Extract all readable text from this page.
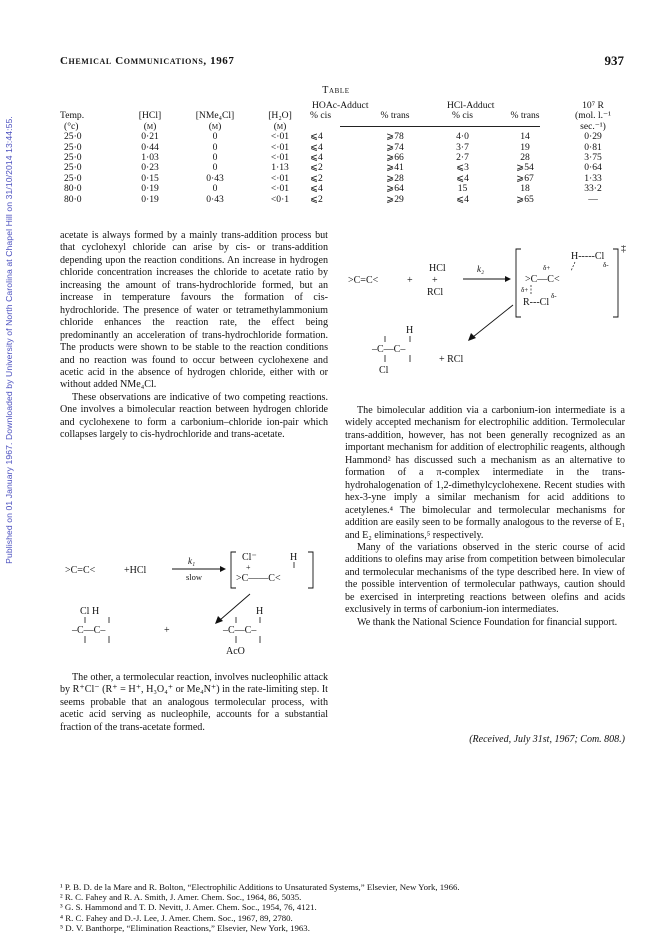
Published on 01 January 1967. Downloaded by University of North Carolina at Chapel Hill on 31/10/2014 13:44:55.
Chemical Communications, 1967	937
Table
				HOAc-Adduct		HCl-Adduct		10⁷ R
Temp.	[HCl]	[NMe₄Cl]	[H₂O]	% cis	% trans	% cis	% trans	(mol. l.⁻¹
(°c)	(m)	(m)	(m)					sec.⁻¹)
25·0	0·21	0	<·01	⩽4	⩾78	4·0	14	0·29
25·0	0·44	0	<·01	⩽4	⩾74	3·7	19	0·81
25·0	1·03	0	<·01	⩽4	⩾66	2·7	28	3·75
25·0	0·23	0	1·13	⩽2	⩾41	⩽3	⩾54	0·64
25·0	0·15	0·43	<·01	⩽2	⩾28	⩽4	⩾67	1·33
80·0	0·19	0	<·01	⩽4	⩾64	15	18	33·2
80·0	0·19	0·43	<0·1	⩽2	⩾29	⩽4	⩾65	—

acetate is always formed by a mainly trans-addition process but that cyclohexyl chloride can arise by cis- or trans-addition depending upon the reaction conditions. An increase in hydrogen chloride concentration increases the chloride to acetate ratio by increasing the amount of trans-hydrochloride formed, but an increase in temperature favours the formation of cis-hydrochloride. The presence of water or tetramethylammonium chloride enhances the reaction rate, the effect being predominantly an acceleration of trans-hydrochloride formation. The products were shown to be stable to the reaction conditions and no reaction was found to occur between cyclohexene and acetic acid in the absence of hydrogen chloride, either with or without added NMe₄Cl.

These observations are indicative of two competing reactions. One involves a bimolecular reaction between hydrogen chloride and cyclohexene to form a carbonium–chloride ion-pair which collapses largely to cis-hydrochloride and trans-acetate.

>C=C<	+HCl
k₁
slow
Cl⁻	H
+
>C——C<
Cl H
–C—C–	+
H
–C—C–
AcO

The other, a termolecular reaction, involves nucleophilic attack by R⁺Cl⁻ (R⁺ = H⁺, H₃O₄⁺ or Me₄N⁺) in the rate-limiting step. It seems probable that an analogous termolecular process, with acetic acid serving as nucleophile, accounts for a substantial fraction of the trans-acetate formed.

>C=C<	+
HCl
+
RCl
k₂
‡
H-----Cl
δ-
δ+
>C—C<
δ+
R---Cl
δ-
H
–C—C–
Cl
+ RCl

The bimolecular addition via a carbonium-ion intermediate is a widely accepted mechanism for electrophilic addition. Termolecular trans-addition, however, has not been generally recognized as an important mechanism for addition of electrophilic reagents, although Hammond² has discussed such a mechanism as an alternative to formation of a π-complex intermediate in the trans-hydrohalogenation of 1,2-dimethylcyclohexene. Recent studies with hex-3-yne imply a similar mechanism for acid additions to acetylenes.⁴ The bimolecular and termolecular mechanisms for addition are easily seen to be formally analogous to the reverse of E₁ and E₂ eliminations,⁵ respectively.

Many of the variations observed in the steric course of acid additions to olefins may arise from competition between bimolecular and termolecular mechanisms of the type described here. In view of the possible intervention of termolecular pathways, caution should be exercised in interpreting reactions between olefins and acids exclusively in terms of carbonium-ion intermediates.

We thank the National Science Foundation for financial support.

(Received, July 31st, 1967; Com. 808.)
¹ P. B. D. de la Mare and R. Bolton, “Electrophilic Additions to Unsaturated Systems,” Elsevier, New York, 1966.
² R. C. Fahey and R. A. Smith, J. Amer. Chem. Soc., 1964, 86, 5035.
³ G. S. Hammond and T. D. Nevitt, J. Amer. Chem. Soc., 1954, 76, 4121.
⁴ R. C. Fahey and D.-J. Lee, J. Amer. Chem. Soc., 1967, 89, 2780.
⁵ D. V. Banthorpe, “Elimination Reactions,” Elsevier, New York, 1963.
